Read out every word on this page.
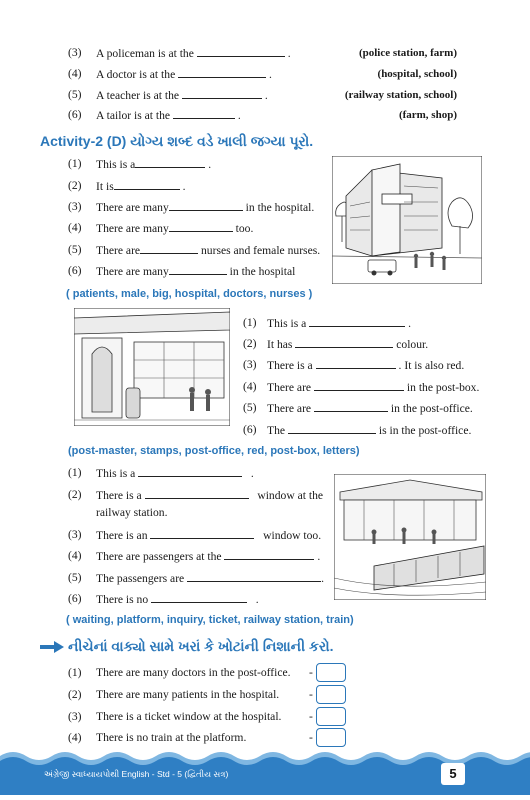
(3) A policeman is at the	.	(police station, farm)
(4) A doctor is at the	.	(hospital, school)
(5) A teacher is at the	.	(railway station, school)
(6) A tailor is at the	.	(farm, shop)
Activity-2 (D) યોગ્ય શબ્દ વડે ખાલી જગ્યા પૂરો.
(1) This is a	.
(2) It is	.
(3) There are many	in the hospital.
(4) There are many	too.
(5) There are	nurses and female nurses.
(6) There are many	in the hospital
( patients, male, big, hospital, doctors, nurses )
(1) This is a	.
(2) It has	colour.
(3) There is a	. It is also red.
(4) There are	in the post-box.
(5) There are	in the post-office.
(6) The	is in the post-office.
(post-master, stamps, post-office, red, post-box, letters)
(1) This is a	.
(2) There is a	window at the
railway station.
(3) There is an	window too.
(4) There are passengers at the	.
(5) The passengers are	.
(6) There is no	.
( waiting, platform, inquiry, ticket, railway station, train)
નીચેનાં વાક્યો સામે ખરાં કે ખોટાંની નિશાની કરો.
(1) There are many doctors in the post-office. -
(2) There are many patients in the hospital.	-
(3) There is a ticket window at the hospital. -
(4) There is no train at the platform.	-
અંગ્રેજી સ્વાધ્યાયપોથી English - Std - 5 (દ્વિતીય સત્ર)	5
